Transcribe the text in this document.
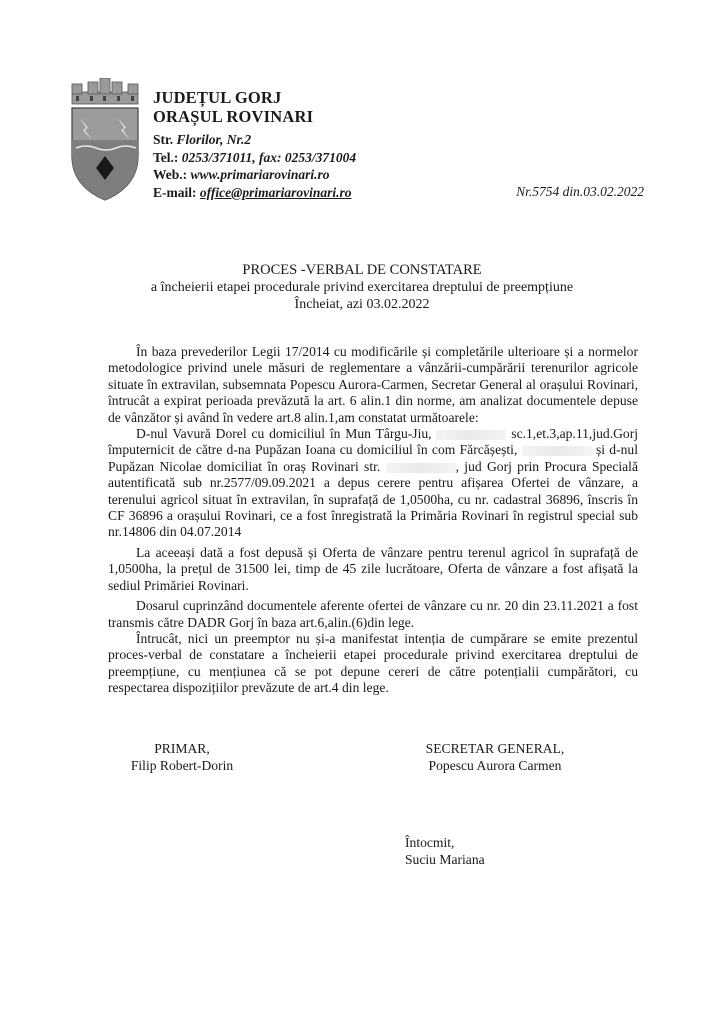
JUDEȚUL GORJ
ORAȘUL ROVINARI
Str. Florilor, Nr.2
Tel.: 0253/371011, fax: 0253/371004
Web.: www.primariarovinari.ro
E-mail: office@primariarovinari.ro	Nr.5754 din.03.02.2022
PROCES -VERBAL DE CONSTATARE
a încheierii etapei procedurale privind exercitarea dreptului de preempțiune
Încheiat, azi 03.02.2022

În baza prevederilor Legii 17/2014 cu modificările și completările ulterioare și a normelor metodologice privind unele măsuri de reglementare a vânzării-cumpărării terenurilor agricole situate în extravilan, subsemnata Popescu Aurora-Carmen, Secretar General al orașului Rovinari, întrucât a expirat perioada prevăzută la art. 6 alin.1 din norme, am analizat documentele depuse de vânzător și având în vedere art.8 alin.1,am constatat următoarele:

D-nul Vavură Dorel cu domiciliul în Mun Târgu-Jiu,	sc.1,et.3,ap.11,jud.Gorj împuternicit de către d-na Pupăzan Ioana cu domiciliul în com Fărcășești,	și d-nul Pupăzan Nicolae domiciliat în oraș Rovinari str.	, jud Gorj prin Procura Specială autentificată sub nr.2577/09.09.2021 a depus cerere pentru afișarea Ofertei de vânzare, a terenului agricol situat în extravilan, în suprafață de 1,0500ha, cu nr. cadastral 36896, înscris în CF 36896 a orașului Rovinari, ce a fost înregistrată la Primăria Rovinari în registrul special sub nr.14806 din 04.07.2014

La aceeași dată a fost depusă și Oferta de vânzare pentru terenul agricol în suprafață de 1,0500ha, la prețul de 31500 lei, timp de 45 zile lucrătoare, Oferta de vânzare a fost afișată la sediul Primăriei Rovinari.

Dosarul cuprinzând documentele aferente ofertei de vânzare cu nr. 20 din 23.11.2021 a fost transmis către DADR Gorj în baza art.6,alin.(6)din lege.

Întrucât, nici un preemptor nu și-a manifestat intenția de cumpărare se emite prezentul proces-verbal de constatare a încheierii etapei procedurale privind exercitarea dreptului de preempțiune, cu mențiunea că se pot depune cereri de către potențialii cumpărători, cu respectarea dispozițiilor prevăzute de art.4 din lege.

PRIMAR,
Filip Robert-Dorin
SECRETAR GENERAL,
Popescu Aurora Carmen
Întocmit,
Suciu Mariana
